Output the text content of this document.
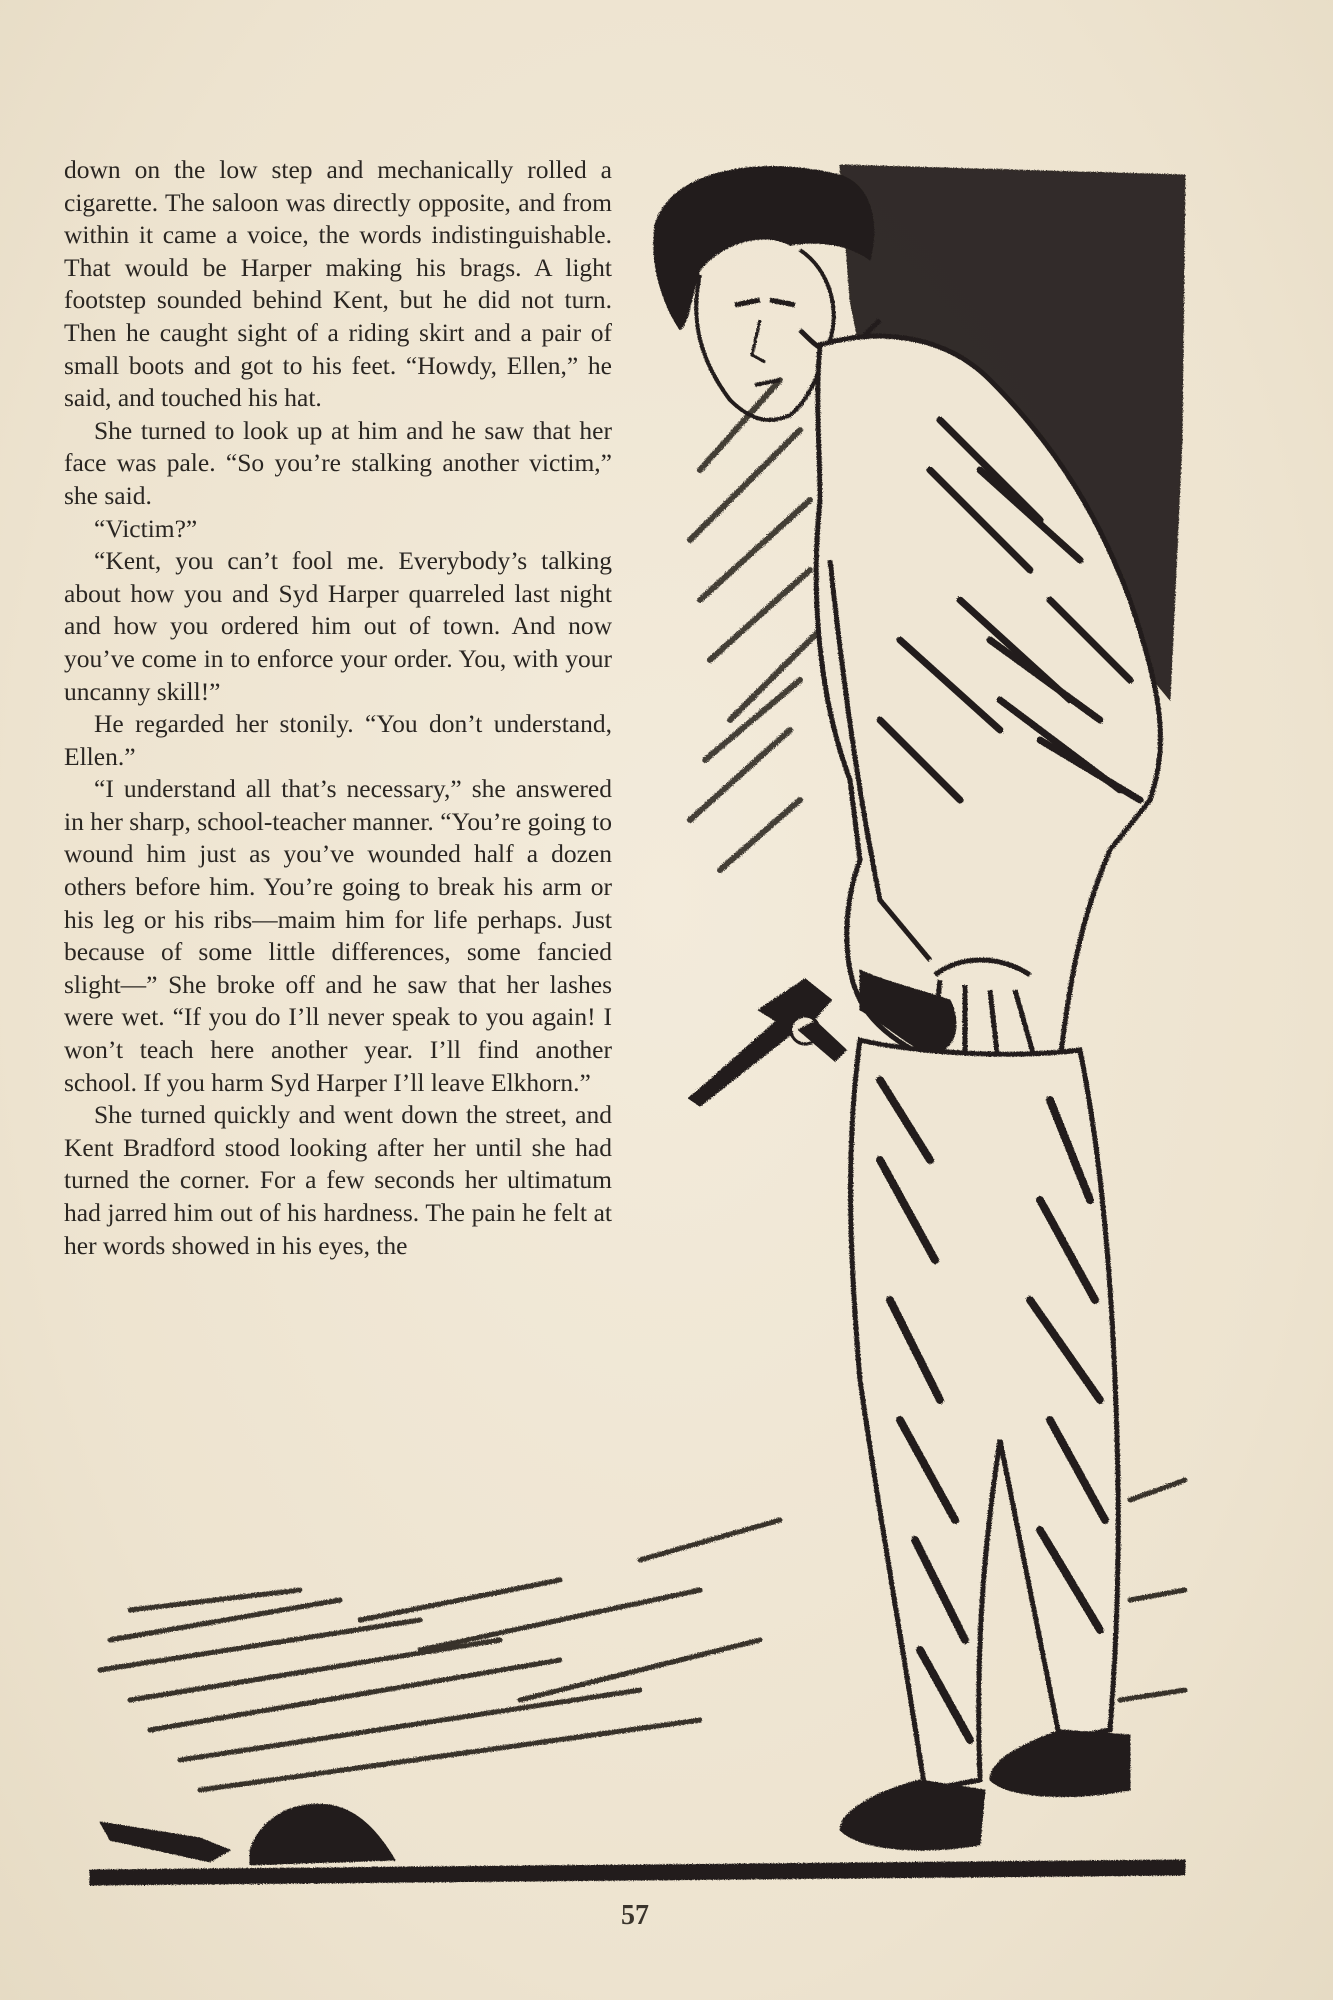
down on the low step and mechanically rolled a cigarette. The saloon was directly opposite, and from within it came a voice, the words indistinguishable. That would be Harper making his brags. A light footstep sounded behind Kent, but he did not turn. Then he caught sight of a riding skirt and a pair of small boots and got to his feet. “Howdy, Ellen,” he said, and touched his hat.

She turned to look up at him and he saw that her face was pale. “So you’re stalking another victim,” she said.

“Victim?”

“Kent, you can’t fool me. Everybody’s talking about how you and Syd Harper quarreled last night and how you ordered him out of town. And now you’ve come in to enforce your order. You, with your uncanny skill!”

He regarded her stonily. “You don’t understand, Ellen.”

“I understand all that’s necessary,” she answered in her sharp, school-teacher manner. “You’re going to wound him just as you’ve wounded half a dozen others before him. You’re going to break his arm or his leg or his ribs—maim him for life perhaps. Just because of some little differences, some fancied slight—” She broke off and he saw that her lashes were wet. “If you do I’ll never speak to you again! I won’t teach here another year. I’ll find another school. If you harm Syd Harper I’ll leave Elkhorn.”

She turned quickly and went down the street, and Kent Bradford stood looking after her until she had turned the corner. For a few seconds her ultimatum had jarred him out of his hardness. The pain he felt at her words showed in his eyes, the

57
